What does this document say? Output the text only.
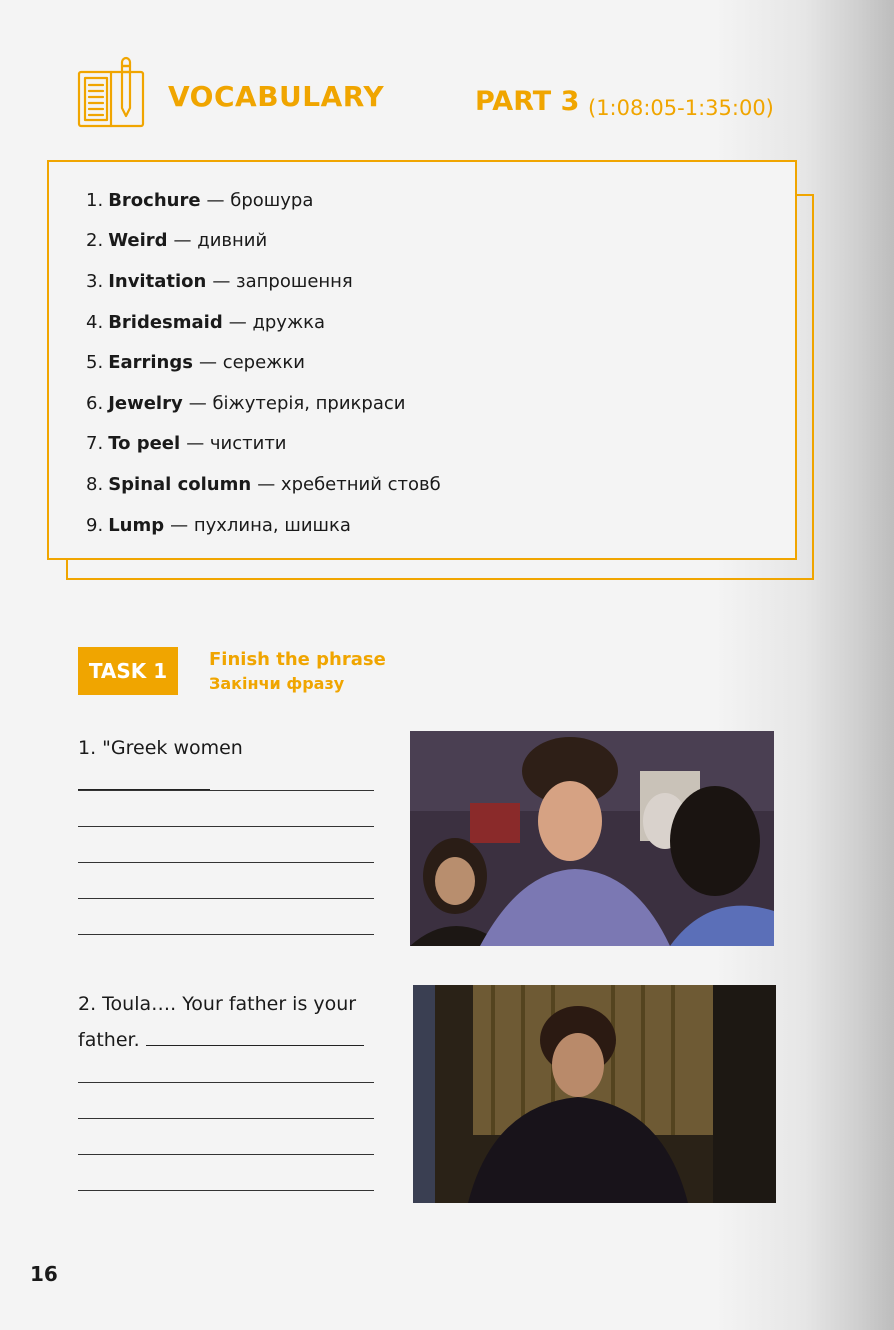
VOCABULARY	PART 3 (1:08:05-1:35:00)
1. Brochure — брошура
2. Weird — дивний
3. Invitation — запрошення
4. Bridesmaid — дружка
5. Earrings — сережки
6. Jewelry — біжутерія, прикраси
7. To peel — чистити
8. Spinal column — хребетний стовб
9. Lump — пухлина, шишка
TASK 1	Finish the phrase
Закінчи фразу
1. "Greek women
2. Toula…. Your father is your
father.
16
